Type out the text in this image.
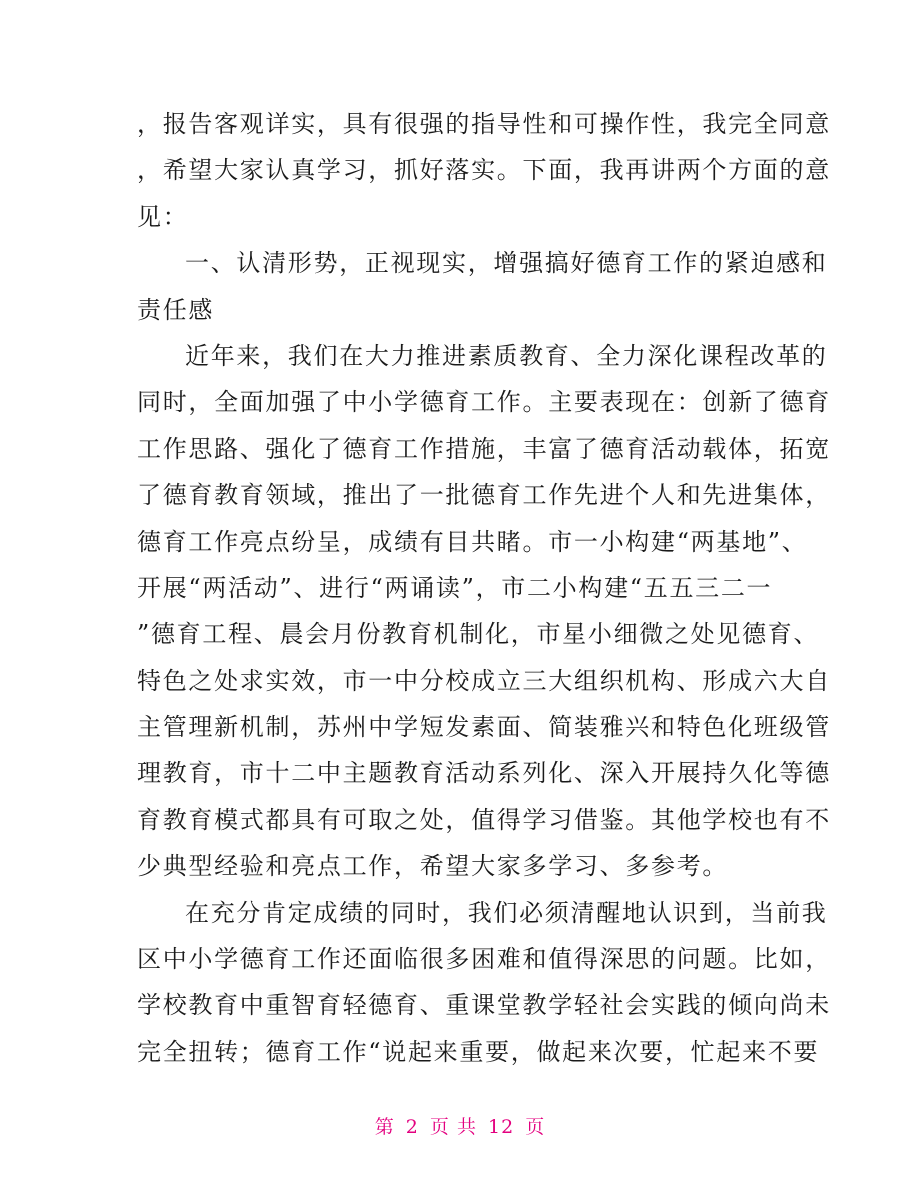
，报告客观详实，具有很强的指导性和可操作性，我完全同意
，希望大家认真学习，抓好落实。下面，我再讲两个方面的意
见：
一、认清形势，正视现实，增强搞好德育工作的紧迫感和
责任感
近年来，我们在大力推进素质教育、全力深化课程改革的
同时，全面加强了中小学德育工作。主要表现在：创新了德育
工作思路、强化了德育工作措施，丰富了德育活动载体，拓宽
了德育教育领域，推出了一批德育工作先进个人和先进集体，
德育工作亮点纷呈，成绩有目共睹。市一小构建“两基地”、
开展“两活动”、进行“两诵读”，市二小构建“五五三二一
”德育工程、晨会月份教育机制化，市星小细微之处见德育、
特色之处求实效，市一中分校成立三大组织机构、形成六大自
主管理新机制，苏州中学短发素面、简装雅兴和特色化班级管
理教育，市十二中主题教育活动系列化、深入开展持久化等德
育教育模式都具有可取之处，值得学习借鉴。其他学校也有不
少典型经验和亮点工作，希望大家多学习、多参考。
在充分肯定成绩的同时，我们必须清醒地认识到，当前我
区中小学德育工作还面临很多困难和值得深思的问题。比如，
学校教育中重智育轻德育、重课堂教学轻社会实践的倾向尚未
完全扭转；德育工作“说起来重要，做起来次要，忙起来不要
第 2 页 共 12 页
